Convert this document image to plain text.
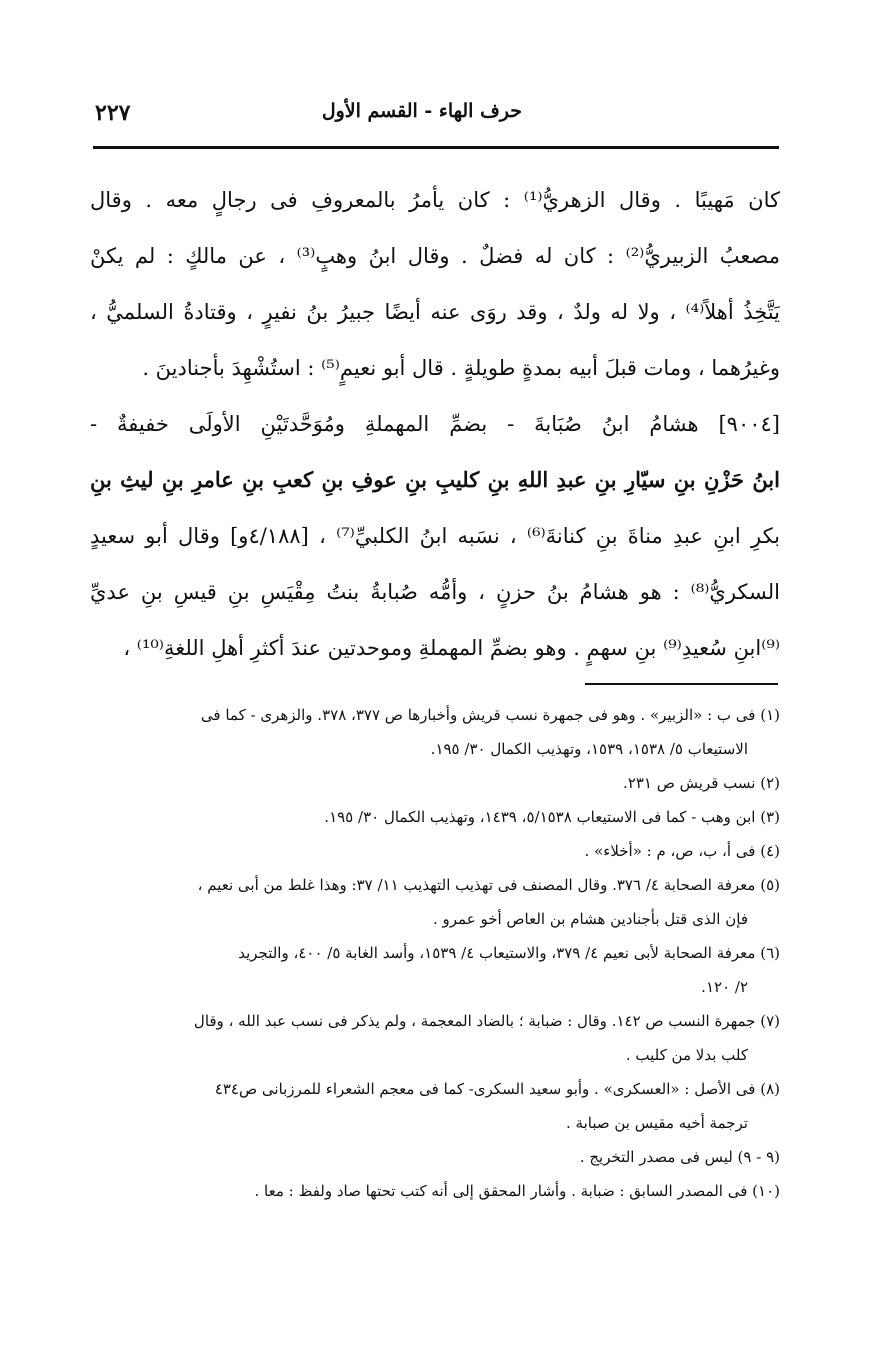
٢٢٧	حرف الهاء - القسم الأول
كان مَهيبًا . وقال الزهريُّ⁽¹⁾ : كان يأمرُ بالمعروفِ فى رجالٍ معه . وقال
مصعبُ الزبيريُّ⁽²⁾ : كان له فضلٌ . وقال ابنُ وهبٍ⁽³⁾ ، عن مالكٍ : لم يكنْ
يَتَّخِذُ أهلاً⁽⁴⁾ ، ولا له ولدٌ ، وقد روَى عنه أيضًا جبيرُ بنُ نفيرٍ ، وقتادةُ السلميُّ ،
وغيرُهما ، ومات قبلَ أبيه بمدةٍ طويلةٍ . قال أبو نعيمٍ⁽⁵⁾ : استُشْهِدَ بأجنادينَ .
[٩٠٠٤] هشامُ ابنُ صُبَابةَ - بضمِّ المهملةِ ومُوَحَّدتَيْنِ الأولَى خفيفةٌ -
ابنُ حَزْنِ بنِ سيّارِ بنِ عبدِ اللهِ بنِ كليبِ بنِ عوفِ بنِ كعبِ بنِ عامرِ بنِ ليثِ بنِ
بكرِ ابنِ عبدِ مناةَ بنِ كنانةَ⁽⁶⁾ ، نسَبه ابنُ الكلبيِّ⁽⁷⁾ ، [٤/١٨٨و] وقال أبو سعيدٍ
السكريُّ⁽⁸⁾ : هو هشامُ بنُ حزنٍ ، وأمُّه صُبابةُ بنتُ مِقْيَسِ بنِ قيسِ بنِ عديِّ
⁽⁹⁾ابنِ سُعيدِ⁽⁹⁾ بنِ سهمٍ . وهو بضمِّ المهملةِ وموحدتين عندَ أكثرِ أهلِ اللغةِ⁽¹⁰⁾ ،
(١) فى ب : «الزبير» . وهو فى جمهرة نسب قريش وأخبارها ص ٣٧٧، ٣٧٨. والزهرى - كما فى
الاستيعاب ٥/ ١٥٣٨، ١٥٣٩، وتهذيب الكمال ٣٠/ ١٩٥.
(٢) نسب قريش ص ٢٣١.
(٣) ابن وهب - كما فى الاستيعاب ٥/١٥٣٨، ١٤٣٩، وتهذيب الكمال ٣٠/ ١٩٥.
(٤) فى أ، ب، ص، م : «أخلاء» .
(٥) معرفة الصحابة ٤/ ٣٧٦. وقال المصنف فى تهذيب التهذيب ١١/ ٣٧: وهذا غلط من أبى نعيم ،
فإن الذى قتل بأجنادين هشام بن العاص أخو عمرو .
(٦) معرفة الصحابة لأبى نعيم ٤/ ٣٧٩، والاستيعاب ٤/ ١٥٣٩، وأسد الغابة ٥/ ٤٠٠، والتجريد
٢/ ١٢٠.
(٧) جمهرة النسب ص ١٤٢. وقال : ضبابة ؛ بالضاد المعجمة ، ولم يذكر فى نسب عبد الله ، وقال
كلب بدلا من كليب .
(٨) فى الأصل : «العسكرى» . وأبو سعيد السكرى- كما فى معجم الشعراء للمرزبانى ص٤٣٤
ترجمة أخيه مقيس بن صبابة .
(٩ - ٩) ليس فى مصدر التخريج .
(١٠) فى المصدر السابق : ضبابة . وأشار المحقق إلى أنه كتب تحتها صاد ولفظ : معا .
